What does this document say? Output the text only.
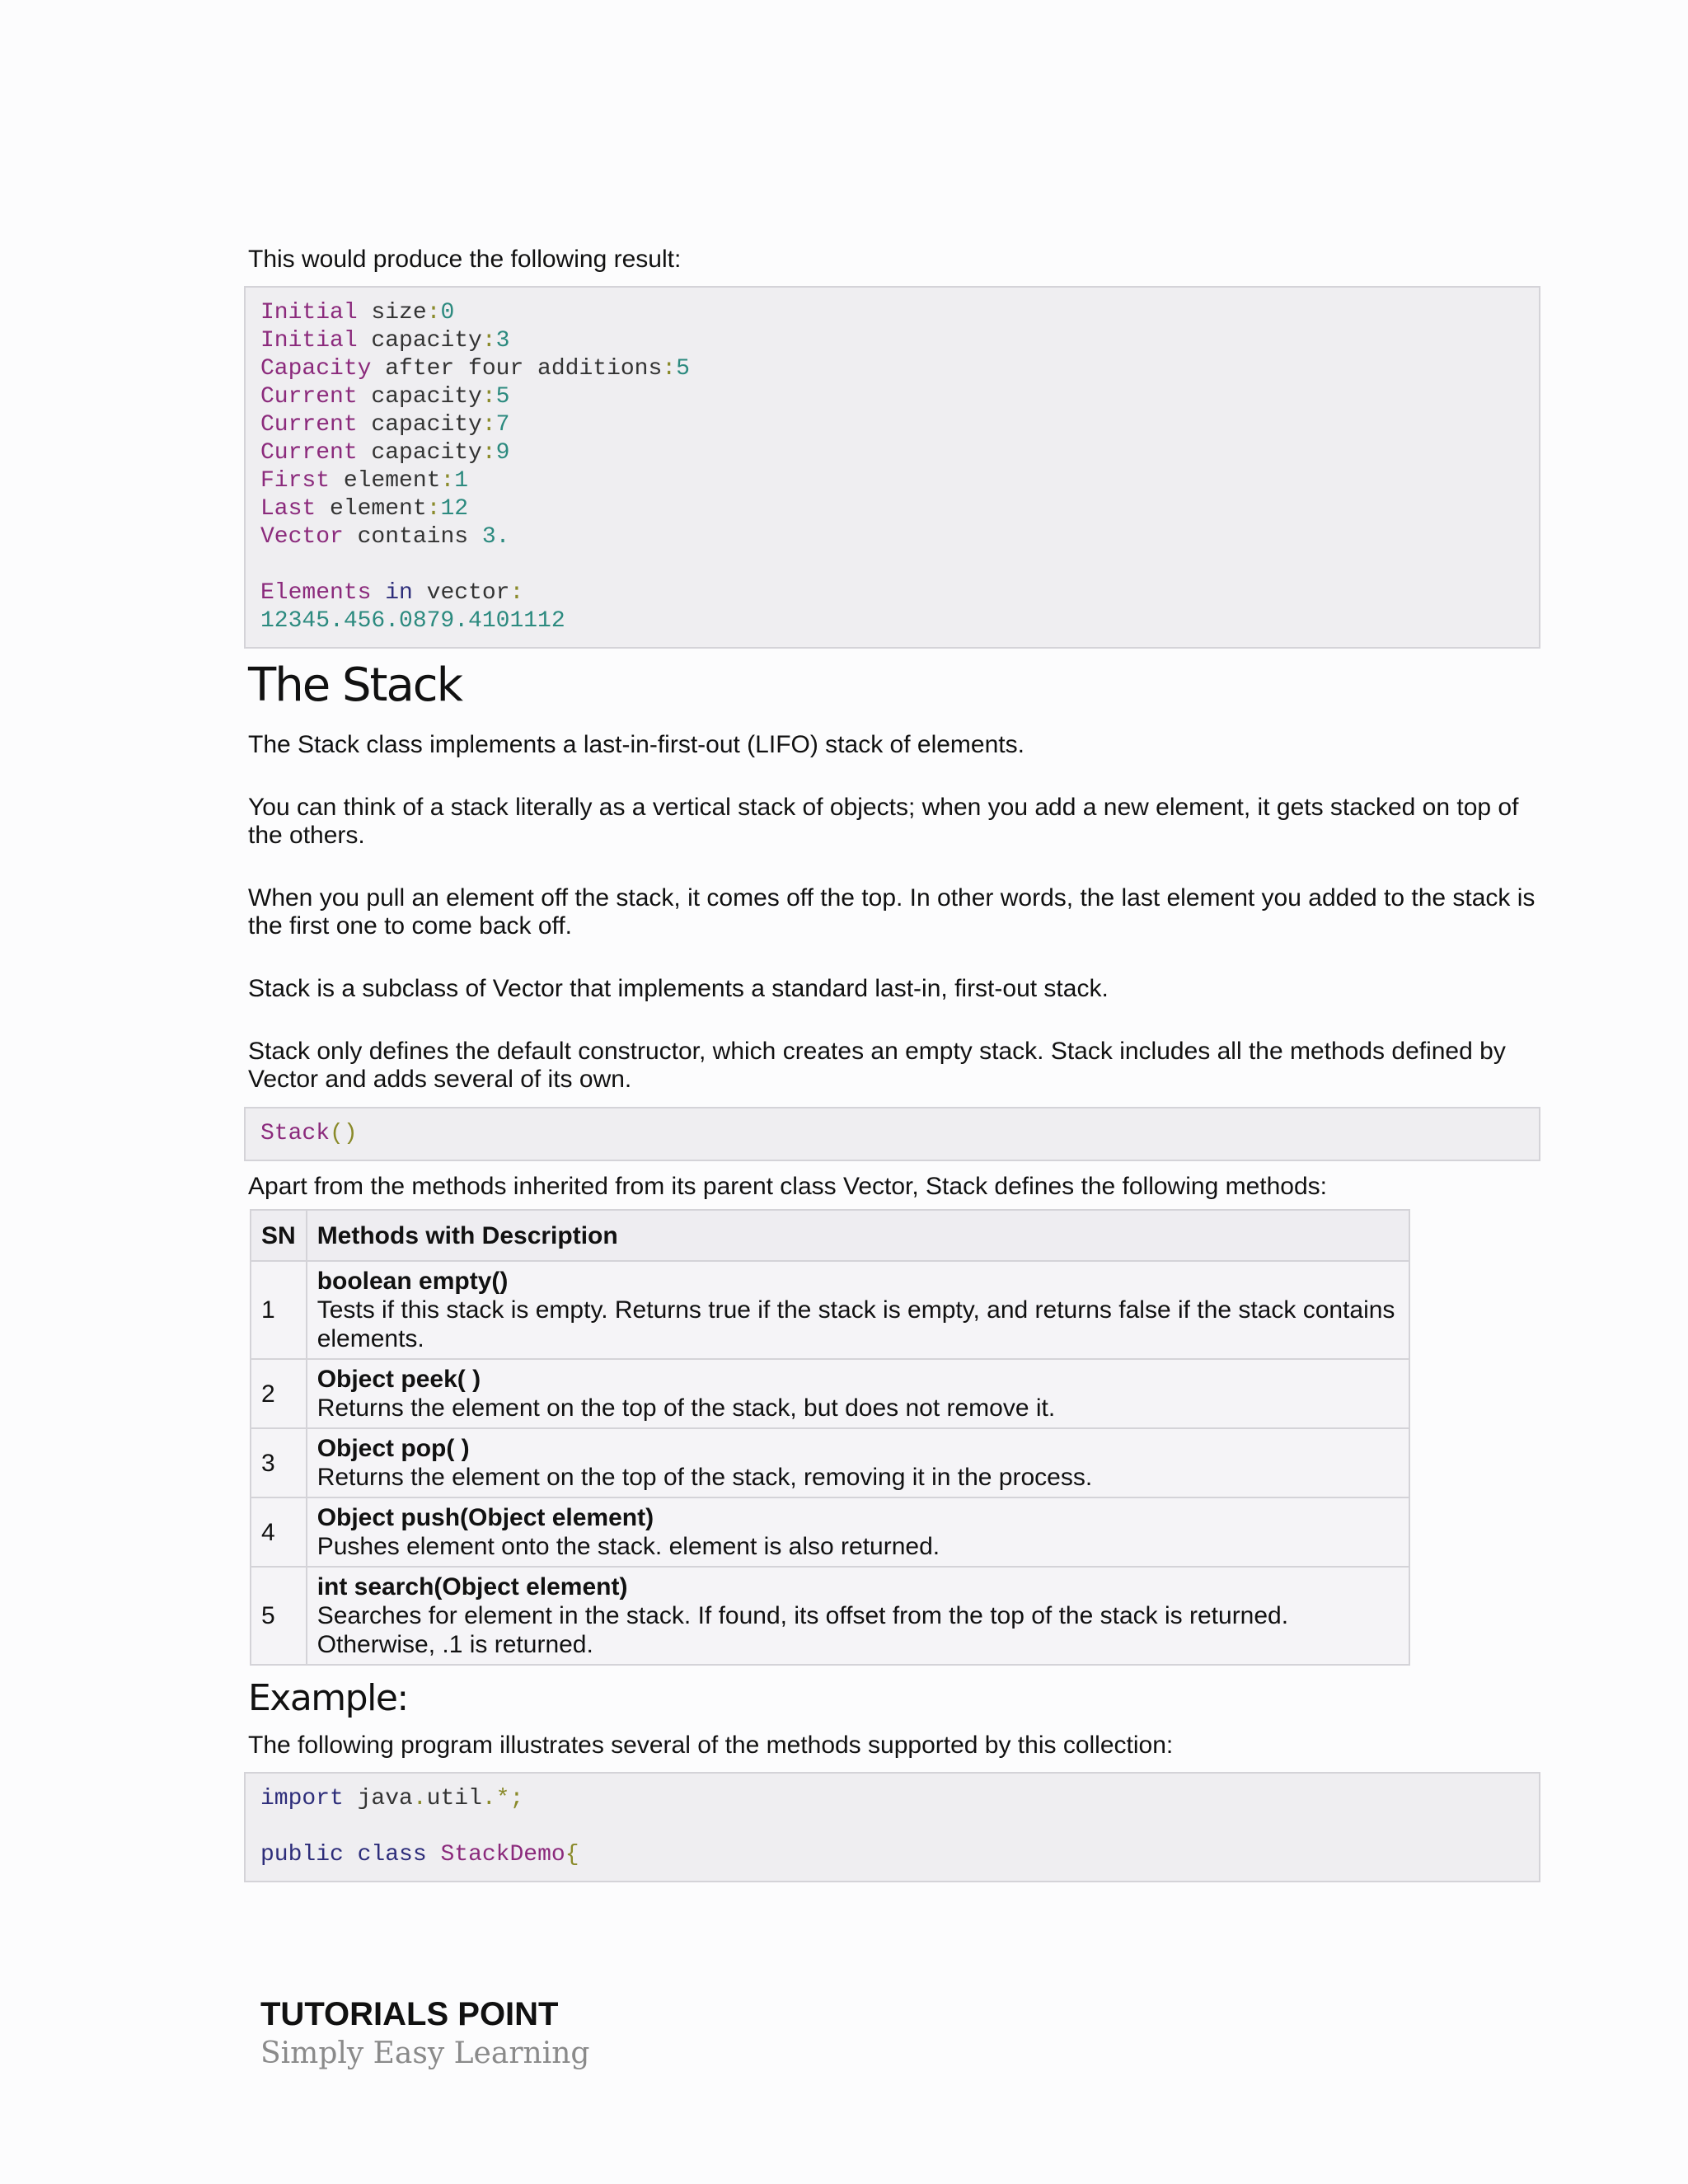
This would produce the following result:

Initial size:0
Initial capacity:3
Capacity after four additions:5
Current capacity:5
Current capacity:7
Current capacity:9
First element:1
Last element:12
Vector contains 3.

Elements in vector:
12345.456.0879.4101112
The Stack

The Stack class implements a last-in-first-out (LIFO) stack of elements.

You can think of a stack literally as a vertical stack of objects; when you add a new element, it gets stacked on top of the others.

When you pull an element off the stack, it comes off the top. In other words, the last element you added to the stack is the first one to come back off.

Stack is a subclass of Vector that implements a standard last-in, first-out stack.

Stack only defines the default constructor, which creates an empty stack. Stack includes all the methods defined by Vector and adds several of its own.

Stack()

Apart from the methods inherited from its parent class Vector, Stack defines the following methods:

SN	Methods with Description
1	boolean empty()
Tests if this stack is empty. Returns true if the stack is empty, and returns false if the stack contains elements.

2	Object peek( )
Returns the element on the top of the stack, but does not remove it.

3	Object pop( )
Returns the element on the top of the stack, removing it in the process.

4	Object push(Object element)
Pushes element onto the stack. element is also returned.

5	int search(Object element)
Searches for element in the stack. If found, its offset from the top of the stack is returned. Otherwise, .1 is returned.
Example:

The following program illustrates several of the methods supported by this collection:

import java.util.*;

public class StackDemo{
TUTORIALS POINT
Simply Easy Learning
